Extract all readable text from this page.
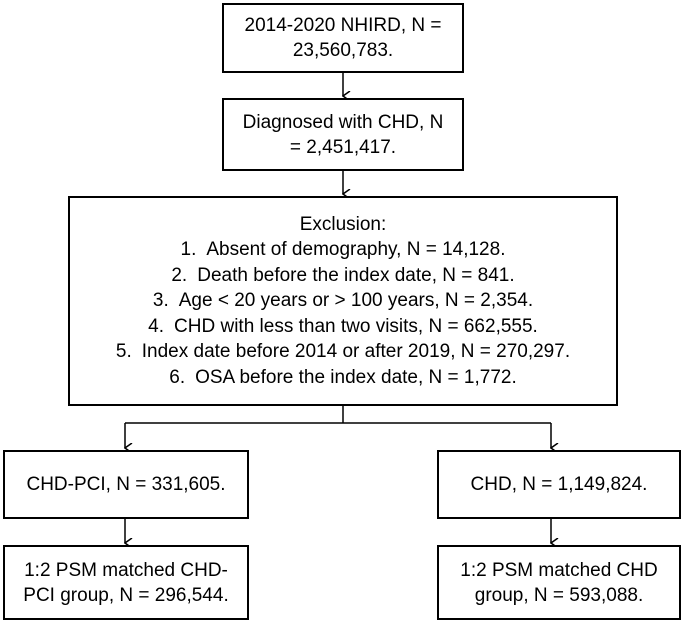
2014-2020 NHIRD, N =
23,560,783.
Diagnosed with CHD, N
= 2,451,417.
Exclusion:
1. Absent of demography, N = 14,128.
2. Death before the index date, N = 841.
3. Age < 20 years or > 100 years, N = 2,354.
4. CHD with less than two visits, N = 662,555.
5. Index date before 2014 or after 2019, N = 270,297.
6. OSA before the index date, N = 1,772.
CHD-PCI, N = 331,605.	CHD, N = 1,149,824.
1:2 PSM matched CHD-
PCI group, N = 296,544.
1:2 PSM matched CHD
group, N = 593,088.
